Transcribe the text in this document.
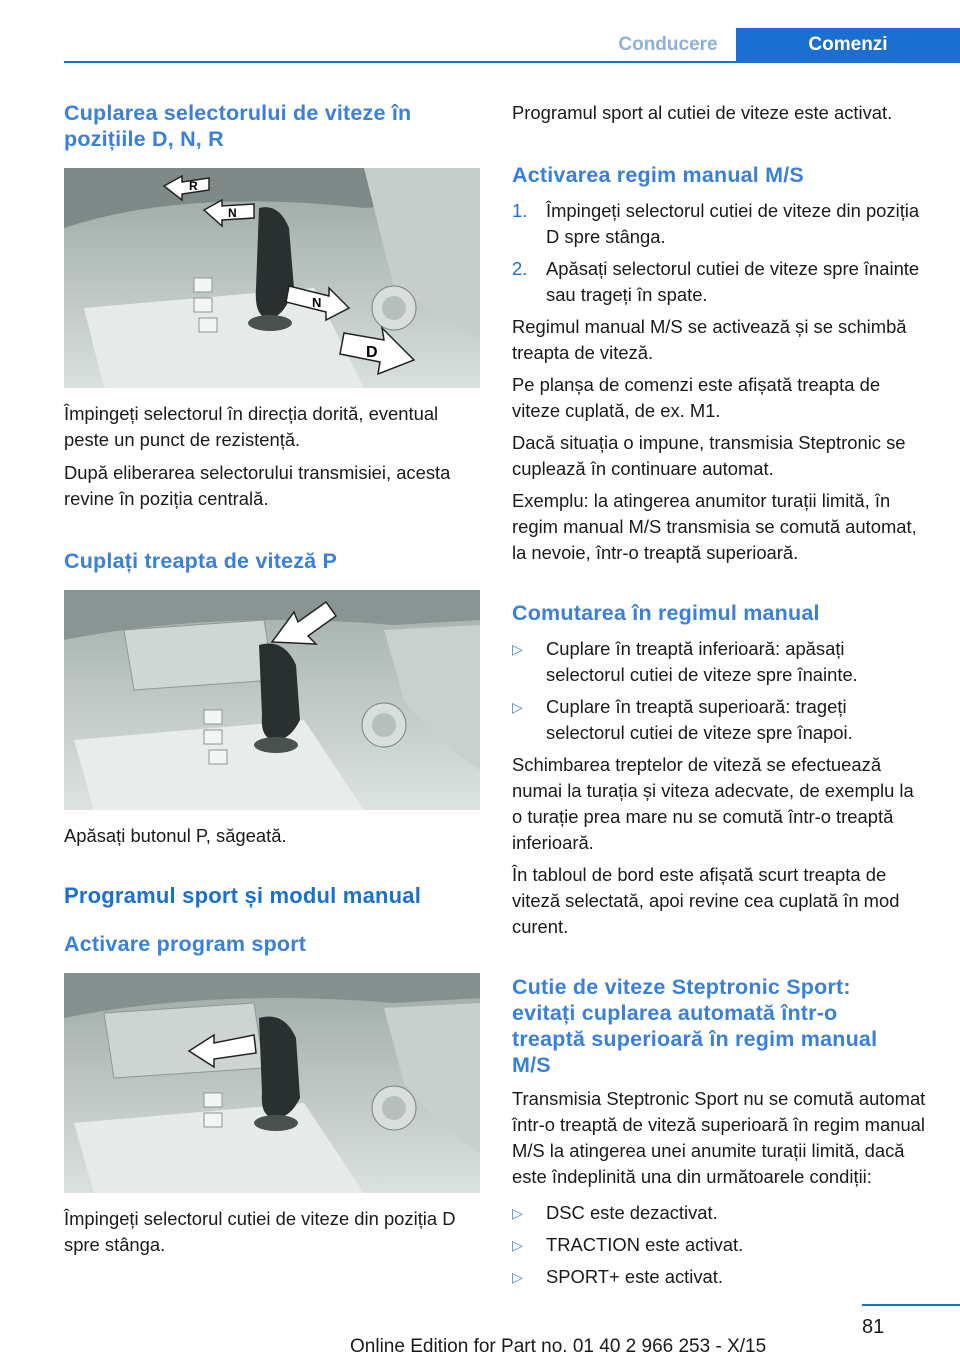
Conducere	Comenzi
Cuplarea selectorului de viteze în pozițiile D, N, R
R
N
N
D

Împingeți selectorul în direcția dorită, eventual peste un punct de rezistență.

După eliberarea selectorului transmisiei, acesta revine în poziția centrală.

Cuplați treapta de viteză P

Apăsați butonul P, săgeată.

Programul sport și modul manual
Activare program sport

Împingeți selectorul cutiei de viteze din poziția D spre stânga.

Programul sport al cutiei de viteze este activat.

Activarea regim manual M/S
1. Împingeți selectorul cutiei de viteze din poziția D spre stânga.
2. Apăsați selectorul cutiei de viteze spre înainte sau trageți în spate.

Regimul manual M/S se activează și se schimbă treapta de viteză.

Pe planșa de comenzi este afișată treapta de viteze cuplată, de ex. M1.

Dacă situația o impune, transmisia Steptronic se cuplează în continuare automat.

Exemplu: la atingerea anumitor turații limită, în regim manual M/S transmisia se comută automat, la nevoie, într-o treaptă superioară.

Comutarea în regimul manual
▷ Cuplare în treaptă inferioară: apăsați selectorul cutiei de viteze spre înainte.
▷ Cuplare în treaptă superioară: trageți selectorul cutiei de viteze spre înapoi.

Schimbarea treptelor de viteză se efectuează numai la turația și viteza adecvate, de exemplu la o turație prea mare nu se comută într-o treaptă inferioară.

În tabloul de bord este afișată scurt treapta de viteză selectată, apoi revine cea cuplată în mod curent.

Cutie de viteze Steptronic Sport: evitați cuplarea automată într-o treaptă superioară în regim manual M/S

Transmisia Steptronic Sport nu se comută automat într-o treaptă de viteză superioară în regim manual M/S la atingerea unei anumite turații limită, dacă este îndeplinită una din următoarele condiții:

▷ DSC este dezactivat.
▷ TRACTION este activat.
▷ SPORT+ este activat.
81
Online Edition for Part no. 01 40 2 966 253 - X/15
